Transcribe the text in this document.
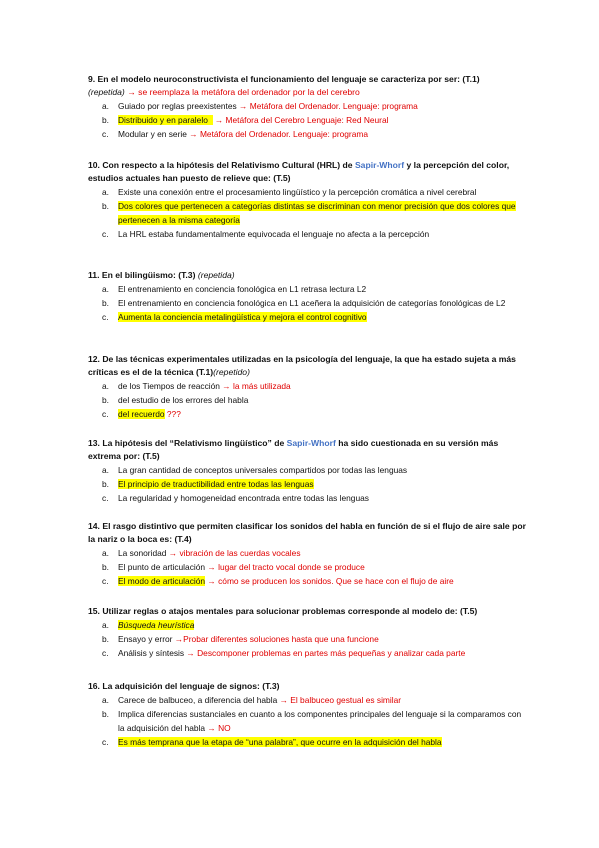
9. En el modelo neuroconstructivista el funcionamiento del lenguaje se caracteriza por ser: (T.1)
(repetida) → se reemplaza la metáfora del ordenador por la del cerebro
a. Guiado por reglas preexistentes → Metáfora del Ordenador. Lenguaje: programa
b. Distribuido y en paralelo → Metáfora del Cerebro Lenguaje: Red Neural
c. Modular y en serie → Metáfora del Ordenador. Lenguaje: programa
10. Con respecto a la hipótesis del Relativismo Cultural (HRL) de Sapir-Whorf y la percepción del color, estudios actuales han puesto de relieve que: (T.5)
a. Existe una conexión entre el procesamiento lingüístico y la percepción cromática a nivel cerebral
b. Dos colores que pertenecen a categorías distintas se discriminan con menor precisión que dos colores que pertenecen a la misma categoría
c. La HRL estaba fundamentalmente equivocada el lenguaje no afecta a la percepción
11. En el bilingüismo: (T.3) (repetida)
a. El entrenamiento en conciencia fonológica en L1 retrasa lectura L2
b. El entrenamiento en conciencia fonológica en L1 aceñera la adquisición de categorías fonológicas de L2
c. Aumenta la conciencia metalingüística y mejora el control cognitivo
12. De las técnicas experimentales utilizadas en la psicología del lenguaje, la que ha estado sujeta a más críticas es el de la técnica (T.1)(repetido)
a. de los Tiempos de reacción → la más utilizada
b. del estudio de los errores del habla
c. del recuerdo ???
13. La hipótesis del “Relativismo lingüístico” de Sapir-Whorf ha sido cuestionada en su versión más extrema por: (T.5)
a. La gran cantidad de conceptos universales compartidos por todas las lenguas
b. El principio de traductibilidad entre todas las lenguas
c. La regularidad y homogeneidad encontrada entre todas las lenguas
14. El rasgo distintivo que permiten clasificar los sonidos del habla en función de si el flujo de aire sale por la nariz o la boca es: (T.4)
a. La sonoridad → vibración de las cuerdas vocales
b. El punto de articulación → lugar del tracto vocal donde se produce
c. El modo de articulación → cómo se producen los sonidos. Que se hace con el flujo de aire
15. Utilizar reglas o atajos mentales para solucionar problemas corresponde al modelo de: (T.5)
a. Búsqueda heurística
b. Ensayo y error →Probar diferentes soluciones hasta que una funcione
c. Análisis y síntesis → Descomponer problemas en partes más pequeñas y analizar cada parte
16. La adquisición del lenguaje de signos: (T.3)
a. Carece de balbuceo, a diferencia del habla → El balbuceo gestual es similar
b. Implica diferencias sustanciales en cuanto a los componentes principales del lenguaje si la comparamos con la adquisición del habla → NO
c. Es más temprana que la etapa de “una palabra”, que ocurre en la adquisición del habla
